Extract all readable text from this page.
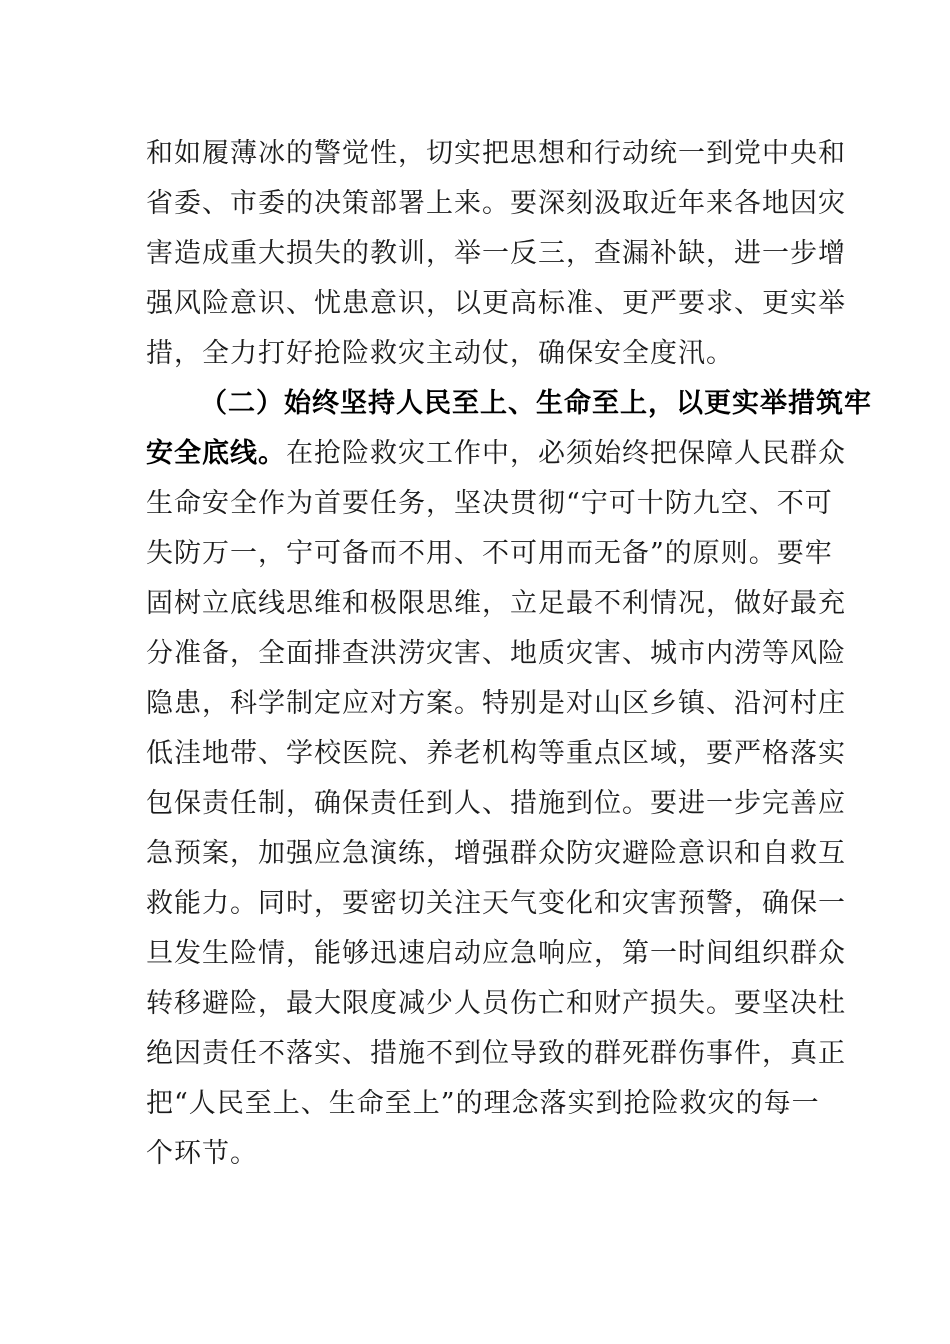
和如履薄冰的警觉性，切实把思想和行动统一到党中央和
省委、市委的决策部署上来。要深刻汲取近年来各地因灾
害造成重大损失的教训，举一反三，查漏补缺，进一步增
强风险意识、忧患意识，以更高标准、更严要求、更实举
措，全力打好抢险救灾主动仗，确保安全度汛。
（二）始终坚持人民至上、生命至上，以更实举措筑牢
安全底线。在抢险救灾工作中，必须始终把保障人民群众
生命安全作为首要任务，坚决贯彻“宁可十防九空、不可
失防万一，宁可备而不用、不可用而无备”的原则。要牢
固树立底线思维和极限思维，立足最不利情况，做好最充
分准备，全面排查洪涝灾害、地质灾害、城市内涝等风险
隐患，科学制定应对方案。特别是对山区乡镇、沿河村庄
低洼地带、学校医院、养老机构等重点区域，要严格落实
包保责任制，确保责任到人、措施到位。要进一步完善应
急预案，加强应急演练，增强群众防灾避险意识和自救互
救能力。同时，要密切关注天气变化和灾害预警，确保一
旦发生险情，能够迅速启动应急响应，第一时间组织群众
转移避险，最大限度减少人员伤亡和财产损失。要坚决杜
绝因责任不落实、措施不到位导致的群死群伤事件，真正
把“人民至上、生命至上”的理念落实到抢险救灾的每一
个环节。
